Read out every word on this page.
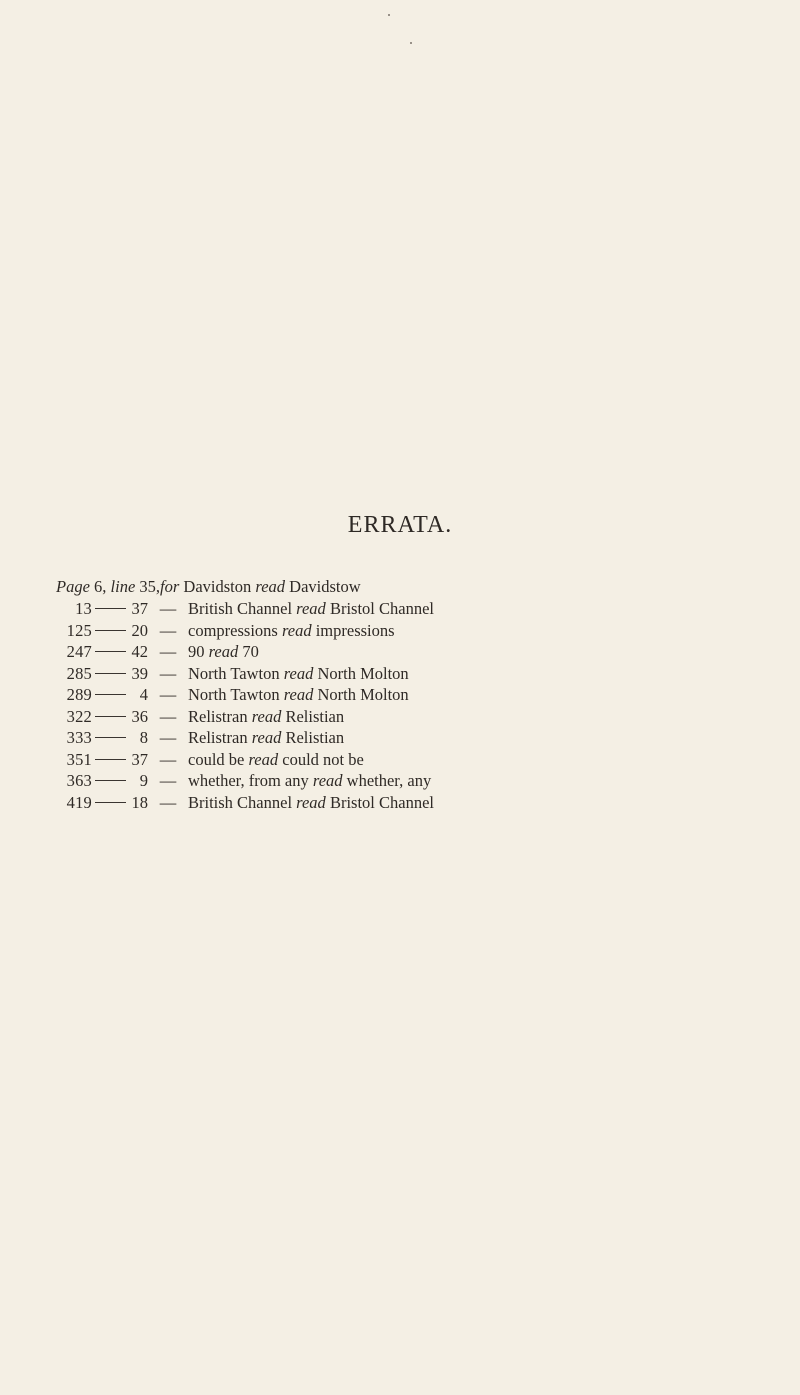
ERRATA.
Page 6, line 35,for Davidston read Davidstow
13 37 — British Channel read Bristol Channel
125 20 — compressions read impressions
247 42 — 90 read 70
285 39 — North Tawton read North Molton
289	4 — North Tawton read North Molton
322 36 — Relistran read Relistian
333	8 — Relistran read Relistian
351 37 — could be read could not be
363	9 — whether, from any read whether, any
419 18 — British Channel read Bristol Channel
